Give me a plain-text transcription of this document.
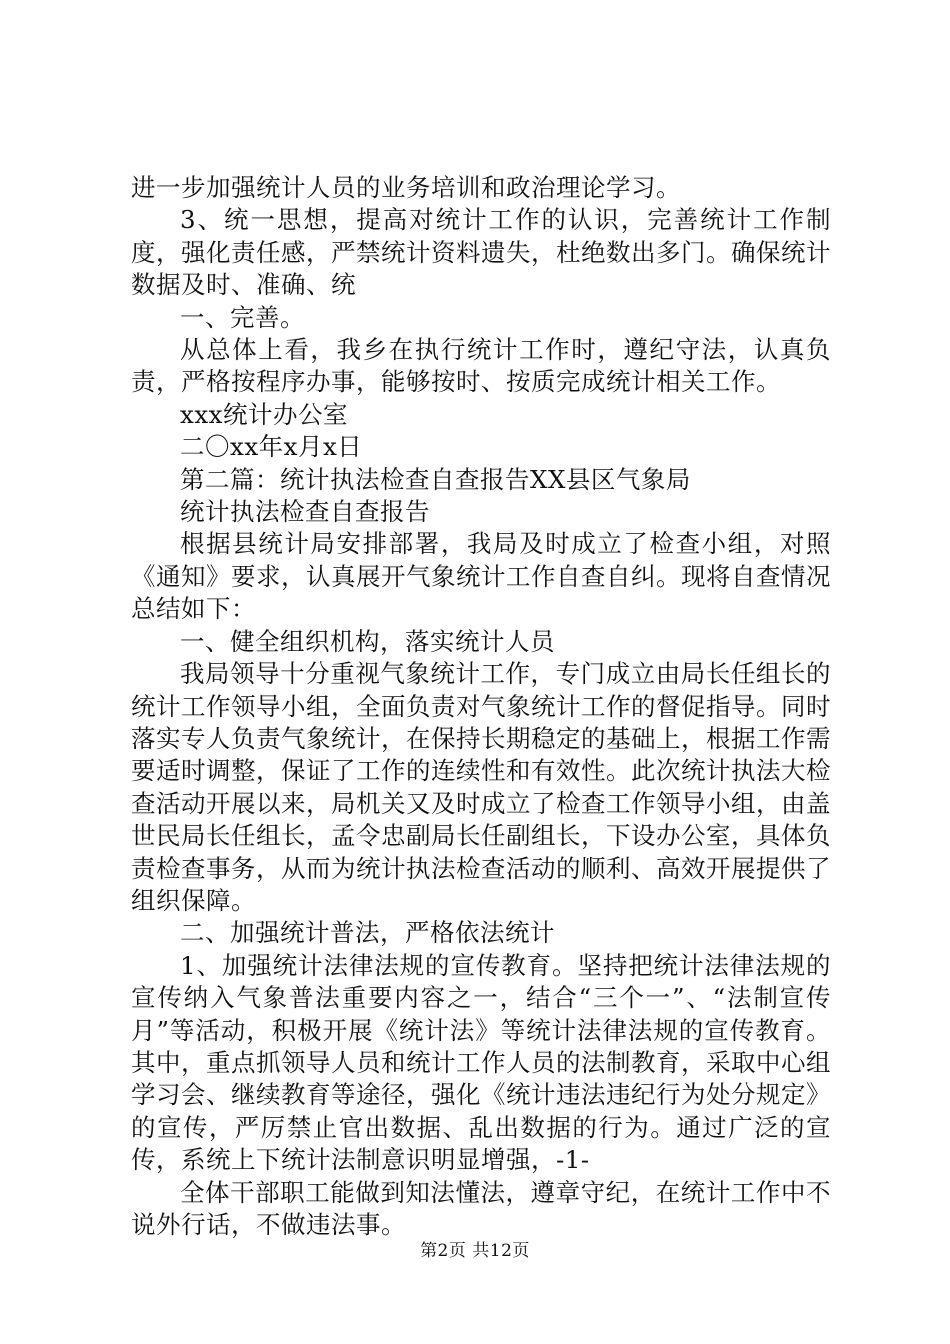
进一步加强统计人员的业务培训和政治理论学习。

3、统一思想，提高对统计工作的认识，完善统计工作制度，强化责任感，严禁统计资料遗失，杜绝数出多门。确保统计数据及时、准确、统

一、完善。

从总体上看，我乡在执行统计工作时，遵纪守法，认真负责，严格按程序办事，能够按时、按质完成统计相关工作。

xxx统计办公室

二〇xx年x月x日

第二篇：统计执法检查自查报告XX县区气象局

统计执法检查自查报告

根据县统计局安排部署，我局及时成立了检查小组，对照《通知》要求，认真展开气象统计工作自查自纠。现将自查情况总结如下：

一、健全组织机构，落实统计人员

我局领导十分重视气象统计工作，专门成立由局长任组长的统计工作领导小组，全面负责对气象统计工作的督促指导。同时落实专人负责气象统计，在保持长期稳定的基础上，根据工作需要适时调整，保证了工作的连续性和有效性。此次统计执法大检查活动开展以来，局机关又及时成立了检查工作领导小组，由盖世民局长任组长，孟令忠副局长任副组长，下设办公室，具体负责检查事务，从而为统计执法检查活动的顺利、高效开展提供了组织保障。

二、加强统计普法，严格依法统计

1、加强统计法律法规的宣传教育。坚持把统计法律法规的宣传纳入气象普法重要内容之一，结合“三个一”、“法制宣传月”等活动，积极开展《统计法》等统计法律法规的宣传教育。其中，重点抓领导人员和统计工作人员的法制教育，采取中心组学习会、继续教育等途径，强化《统计违法违纪行为处分规定》的宣传，严厉禁止官出数据、乱出数据的行为。通过广泛的宣传，系统上下统计法制意识明显增强，-1-

全体干部职工能做到知法懂法，遵章守纪，在统计工作中不说外行话，不做违法事。

第2页 共12页
